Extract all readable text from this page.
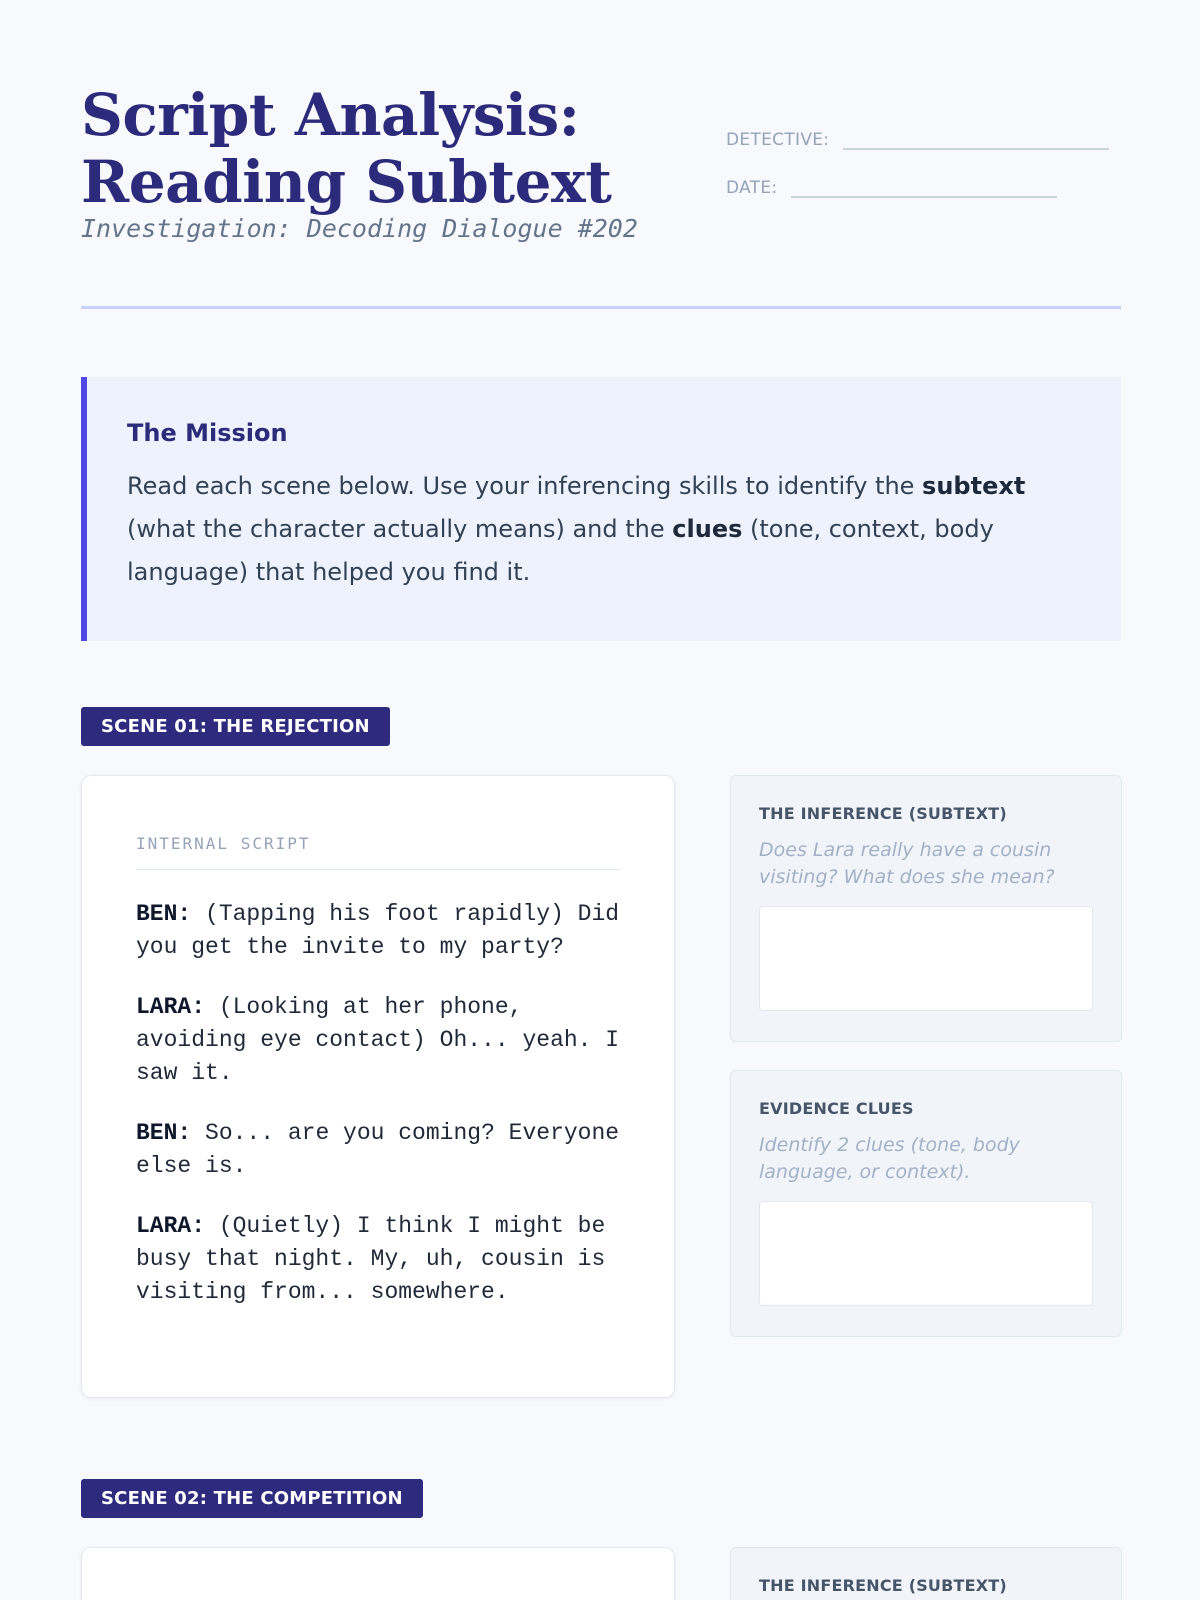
Script Analysis: Reading Subtext
Investigation: Decoding Dialogue #202
DETECTIVE:
DATE:
The Mission

Read each scene below. Use your inferencing skills to identify the subtext (what the character actually means) and the clues (tone, context, body language) that helped you find it.

SCENE 01: THE REJECTION
INTERNAL SCRIPT

BEN: (Tapping his foot rapidly) Did you get the invite to my party?

LARA: (Looking at her phone, avoiding eye contact) Oh... yeah. I saw it.

BEN: So... are you coming? Everyone else is.

LARA: (Quietly) I think I might be busy that night. My, uh, cousin is visiting from... somewhere.

THE INFERENCE (SUBTEXT)
Does Lara really have a cousin visiting? What does she mean?
EVIDENCE CLUES
Identify 2 clues (tone, body language, or context).
SCENE 02: THE COMPETITION
THE INFERENCE (SUBTEXT)
